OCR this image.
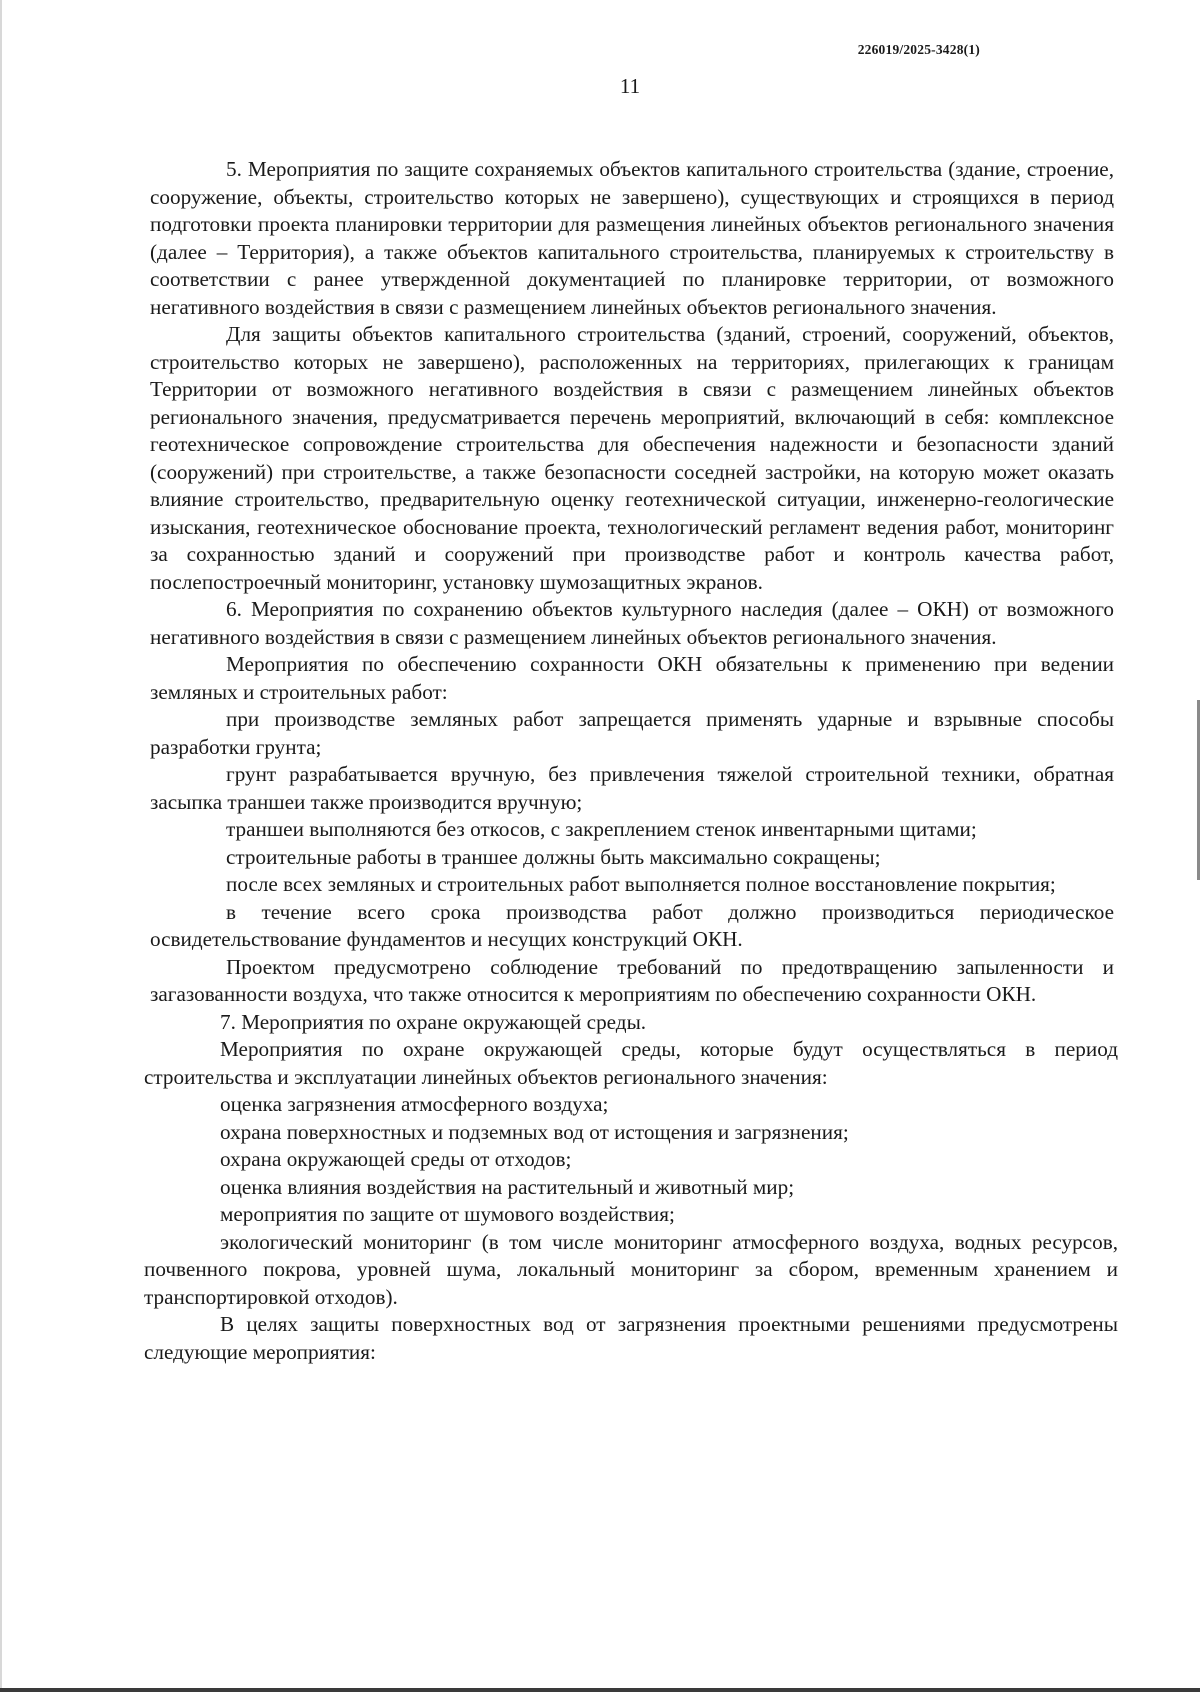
226019/2025-3428(1)
11

5. Мероприятия по защите сохраняемых объектов капитального строительства (здание, строение, сооружение, объекты, строительство которых не завершено), существующих и строящихся в период подготовки проекта планировки территории для размещения линейных объектов регионального значения (далее – Территория), а также объектов капитального строительства, планируемых к строительству в соответствии с ранее утвержденной документацией по планировке территории, от возможного негативного воздействия в связи с размещением линейных объектов регионального значения.

Для защиты объектов капитального строительства (зданий, строений, сооружений, объектов, строительство которых не завершено), расположенных на территориях, прилегающих к границам Территории от возможного негативного воздействия в связи с размещением линейных объектов регионального значения, предусматривается перечень мероприятий, включающий в себя: комплексное геотехническое сопровождение строительства для обеспечения надежности и безопасности зданий (сооружений) при строительстве, а также безопасности соседней застройки, на которую может оказать влияние строительство, предварительную оценку геотехнической ситуации, инженерно-геологические изыскания, геотехническое обоснование проекта, технологический регламент ведения работ, мониторинг за сохранностью зданий и сооружений при производстве работ и контроль качества работ, послепостроечный мониторинг, установку шумозащитных экранов.

6. Мероприятия по сохранению объектов культурного наследия (далее – ОКН) от возможного негативного воздействия в связи с размещением линейных объектов регионального значения.

Мероприятия по обеспечению сохранности ОКН обязательны к применению при ведении земляных и строительных работ:

при производстве земляных работ запрещается применять ударные и взрывные способы разработки грунта;

грунт разрабатывается вручную, без привлечения тяжелой строительной техники, обратная засыпка траншеи также производится вручную;

траншеи выполняются без откосов, с закреплением стенок инвентарными щитами;

строительные работы в траншее должны быть максимально сокращены;

после всех земляных и строительных работ выполняется полное восстановление покрытия;

в течение всего срока производства работ должно производиться периодическое освидетельствование фундаментов и несущих конструкций ОКН.

Проектом предусмотрено соблюдение требований по предотвращению запыленности и загазованности воздуха, что также относится к мероприятиям по обеспечению сохранности ОКН.

7. Мероприятия по охране окружающей среды.

Мероприятия по охране окружающей среды, которые будут осуществляться в период строительства и эксплуатации линейных объектов регионального значения:

оценка загрязнения атмосферного воздуха;

охрана поверхностных и подземных вод от истощения и загрязнения;

охрана окружающей среды от отходов;

оценка влияния воздействия на растительный и животный мир;

мероприятия по защите от шумового воздействия;

экологический мониторинг (в том числе мониторинг атмосферного воздуха, водных ресурсов, почвенного покрова, уровней шума, локальный мониторинг за сбором, временным хранением и транспортировкой отходов).

В целях защиты поверхностных вод от загрязнения проектными решениями предусмотрены следующие мероприятия:
